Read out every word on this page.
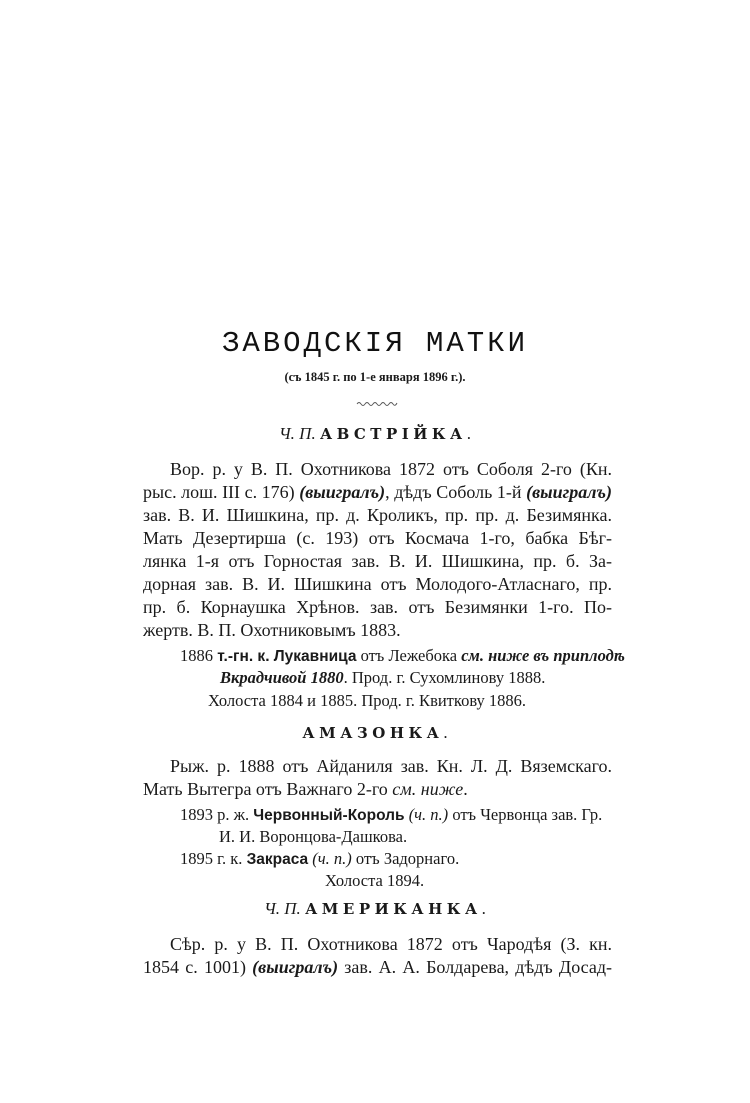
ЗАВОДСКІЯ МАТКИ
(съ 1845 г. по 1-е января 1896 г.).
Ч. П. АВСТРІЙКА.
Вор. р. у В. П. Охотникова 1872 отъ Соболя 2-го (Кн.
рыс. лош. III с. 176) (выигралъ), дѣдъ Соболь 1-й (выигралъ)
зав. В. И. Шишкина, пр. д. Кроликъ, пр. пр. д. Безимянка.
Мать Дезертирша (с. 193) отъ Космача 1-го, бабка Бѣг-
лянка 1-я отъ Горностая зав. В. И. Шишкина, пр. б. За-
дорная зав. В. И. Шишкина отъ Молодого-Атласнаго, пр.
пр. б. Корнаушка Хрѣнов. зав. отъ Безимянки 1-го. По-
жертв. В. П. Охотниковымъ 1883.
1886 т.-гн. к. Лукавница отъ Лежебока см. ниже въ приплодѣ
Вкрадчивой 1880. Прод. г. Сухомлинову 1888.
Холоста 1884 и 1885. Прод. г. Квиткову 1886.
АМАЗОНКА.
Рыж. р. 1888 отъ Айданиля зав. Кн. Л. Д. Вяземскаго.
Мать Вытегра отъ Важнаго 2-го см. ниже.
1893 р. ж. Червонный-Король (ч. п.) отъ Червонца зав. Гр.
И. И. Воронцова-Дашкова.
1895 г. к. Закраса (ч. п.) отъ Задорнаго.
Холоста 1894.
Ч. П. АМЕРИКАНКА.
Сѣр. р. у В. П. Охотникова 1872 отъ Чародѣя (З. кн.
1854 с. 1001) (выигралъ) зав. А. А. Болдарева, дѣдъ Досад-
